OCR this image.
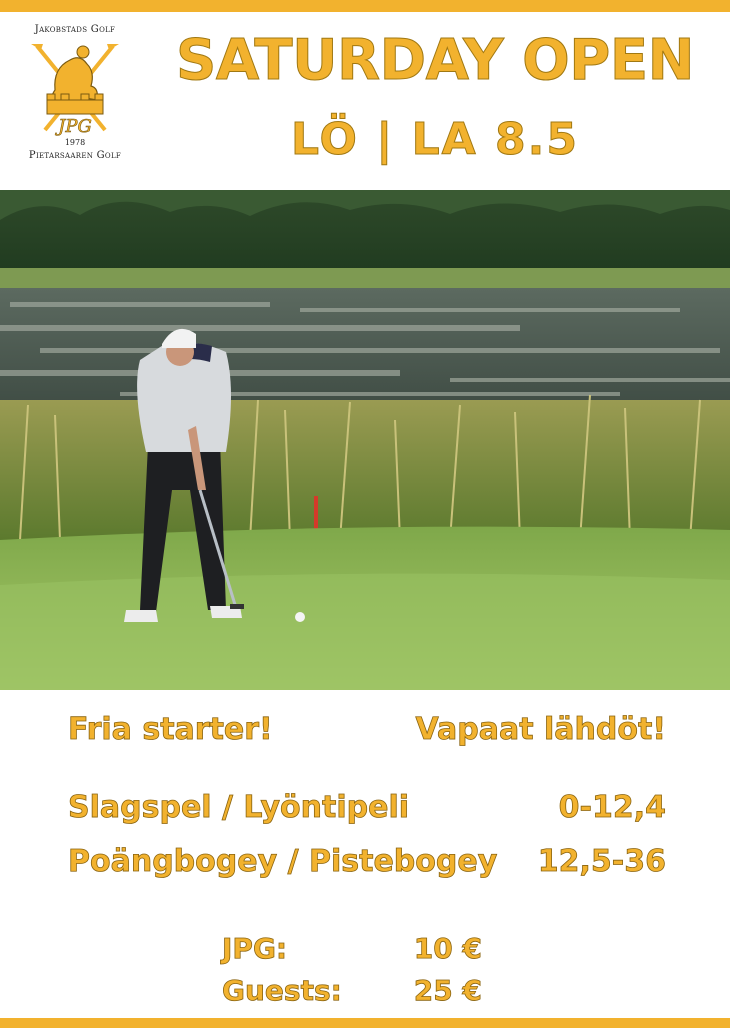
Jakobstads Golf
JPG
1978
Pietarsaaren Golf
SATURDAY OPEN
LÖ | LA 8.5
Fria starter!	Vapaat lähdöt!
Slagspel / Lyöntipeli	0-12,4
Poängbogey / Pistebogey	12,5-36
JPG:	10 €
Guests:	25 €
